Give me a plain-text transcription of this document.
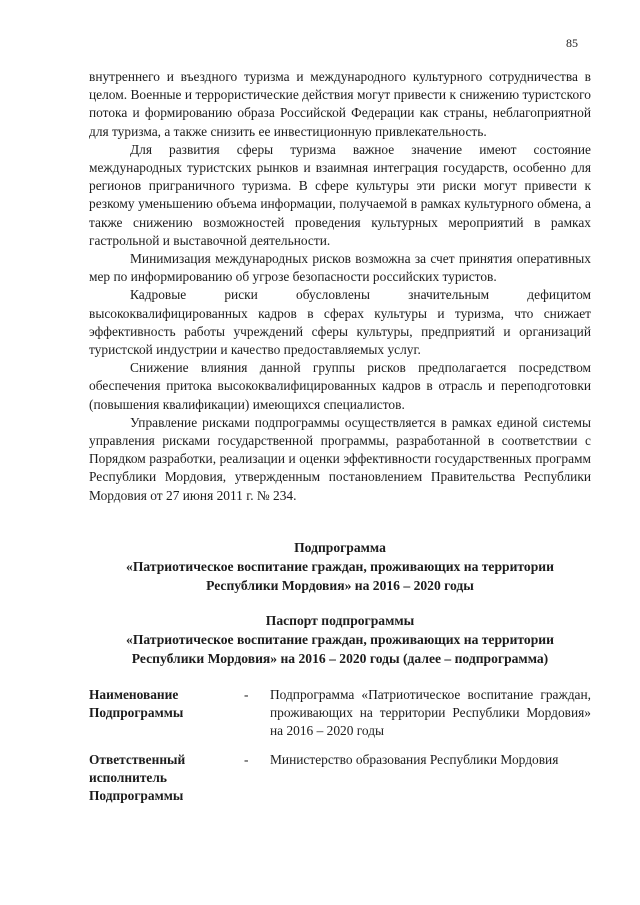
85

внутреннего и въездного туризма и международного культурного сотрудничества в целом. Военные и террористические действия могут привести к снижению туристского потока и формированию образа Российской Федерации как страны, неблагоприятной для туризма, а также снизить ее инвестиционную привлекательность.

Для развития сферы туризма важное значение имеют состояние международных туристских рынков и взаимная интеграция государств, особенно для регионов приграничного туризма. В сфере культуры эти риски могут привести к резкому уменьшению объема информации, получаемой в рамках культурного обмена, а также снижению возможностей проведения культурных мероприятий в рамках гастрольной и выставочной деятельности.

Минимизация международных рисков возможна за счет принятия оперативных мер по информированию об угрозе безопасности российских туристов.

Кадровые риски обусловлены значительным дефицитом высококвалифицированных кадров в сферах культуры и туризма, что снижает эффективность работы учреждений сферы культуры, предприятий и организаций туристской индустрии и качество предоставляемых услуг.

Снижение влияния данной группы рисков предполагается посредством обеспечения притока высококвалифицированных кадров в отрасль и переподготовки (повышения квалификации) имеющихся специалистов.

Управление рисками подпрограммы осуществляется в рамках единой системы управления рисками государственной программы, разработанной в соответствии с Порядком разработки, реализации и оценки эффективности государственных программ Республики Мордовия, утвержденным постановлением Правительства Республики Мордовия от 27 июня 2011 г. № 234.

Подпрограмма

«Патриотическое воспитание граждан, проживающих на территории

Республики Мордовия» на 2016 – 2020 годы

Паспорт подпрограммы

«Патриотическое воспитание граждан, проживающих на территории

Республики Мордовия» на 2016 – 2020 годы (далее – подпрограмма)

Наименование Подпрограммы
- Подпрограмма «Патриотическое воспитание граждан, проживающих на территории Республики Мордовия» на 2016 – 2020 годы
Ответственный исполнитель Подпрограммы
- Министерство образования Республики Мордовия
